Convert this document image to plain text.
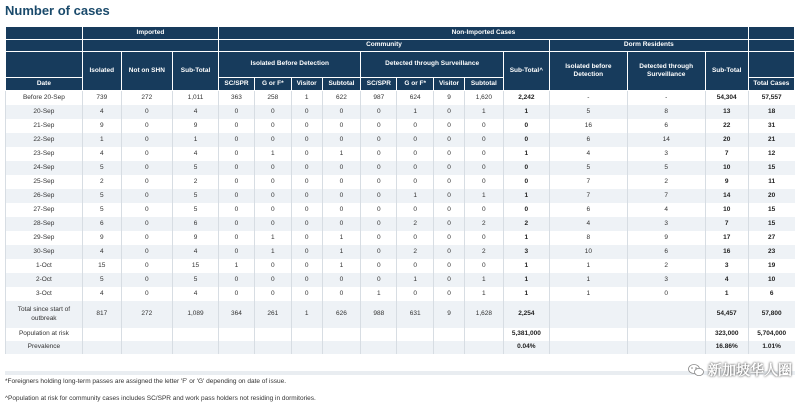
Number of cases
	Imported			Non-Imported Cases												
				Community									Dorm Residents			
	Isolated	Not on SHN	Sub-Total	Isolated Before Detection				Detected through Surveillance				Sub-Total^	Isolated before Detection	Detected through Surveillance	Sub-Total	
Date				SC/SPR	G or F*	Visitor	Subtotal	SC/SPR	G or F*	Visitor	Subtotal					Total Cases
Before 20-Sep	739	272	1,011	363	258	1	622	987	624	9	1,620	2,242	-	-	54,304	57,557
20-Sep	4	0	4	0	0	0	0	0	1	0	1	1	5	8	13	18
21-Sep	9	0	9	0	0	0	0	0	0	0	0	0	16	6	22	31
22-Sep	1	0	1	0	0	0	0	0	0	0	0	0	6	14	20	21
23-Sep	4	0	4	0	1	0	1	0	0	0	0	1	4	3	7	12
24-Sep	5	0	5	0	0	0	0	0	0	0	0	0	5	5	10	15
25-Sep	2	0	2	0	0	0	0	0	0	0	0	0	7	2	9	11
26-Sep	5	0	5	0	0	0	0	0	1	0	1	1	7	7	14	20
27-Sep	5	0	5	0	0	0	0	0	0	0	0	0	6	4	10	15
28-Sep	6	0	6	0	0	0	0	0	2	0	2	2	4	3	7	15
29-Sep	9	0	9	0	1	0	1	0	0	0	0	1	8	9	17	27
30-Sep	4	0	4	0	1	0	1	0	2	0	2	3	10	6	16	23
1-Oct	15	0	15	1	0	0	1	0	0	0	0	1	1	2	3	19
2-Oct	5	0	5	0	0	0	0	0	1	0	1	1	1	3	4	10
3-Oct	4	0	4	0	0	0	0	1	0	0	1	1	1	0	1	6
Total since start of outbreak	817	272	1,089	364	261	1	626	988	631	9	1,628	2,254			54,457	57,800
Population at risk												5,381,000			323,000	5,704,000
Prevalence												0.04%			16.86%	1.01%
*Foreigners holding long-term passes are assigned the letter 'F' or 'G' depending on date of issue.
^Population at risk for community cases includes SC/SPR and work pass holders not residing in dormitories.
新加坡华人圈
